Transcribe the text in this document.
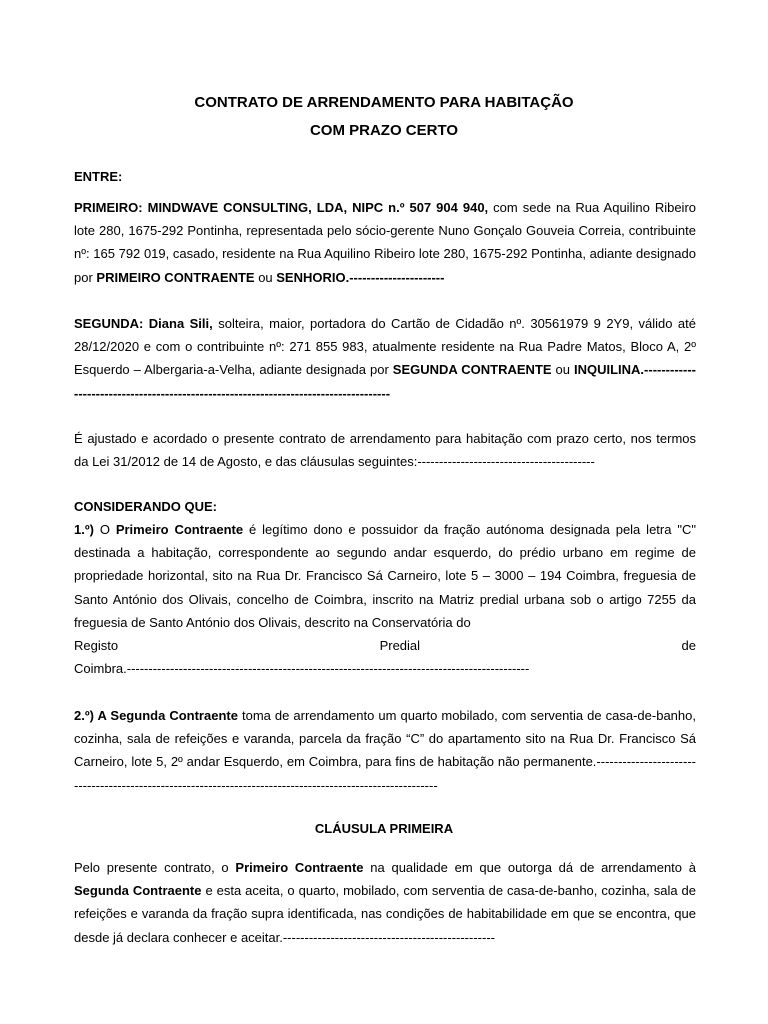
CONTRATO DE ARRENDAMENTO PARA HABITAÇÃO
COM PRAZO CERTO
ENTRE:

PRIMEIRO: MINDWAVE CONSULTING, LDA, NIPC n.º 507 904 940, com sede na Rua Aquilino Ribeiro lote 280, 1675-292 Pontinha, representada pelo sócio-gerente Nuno Gonçalo Gouveia Correia, contribuinte nº: 165 792 019, casado, residente na Rua Aquilino Ribeiro lote 280, 1675-292 Pontinha, adiante designado por PRIMEIRO CONTRAENTE ou SENHORIO.----------------------

SEGUNDA: Diana Sili, solteira, maior, portadora do Cartão de Cidadão nº. 30561979 9 2Y9, válido até 28/12/2020 e com o contribuinte nº: 271 855 983, atualmente residente na Rua Padre Matos, Bloco A, 2º Esquerdo – Albergaria-a-Velha, adiante designada por SEGUNDA CONTRAENTE ou INQUILINA.-------------------------------------------------------------------------------------

É ajustado e acordado o presente contrato de arrendamento para habitação com prazo certo, nos termos da Lei 31/2012 de 14 de Agosto, e das cláusulas seguintes:-----------------------------------------

CONSIDERANDO QUE:

1.º) O Primeiro Contraente é legítimo dono e possuidor da fração autónoma designada pela letra "C" destinada a habitação, correspondente ao segundo andar esquerdo, do prédio urbano em regime de propriedade horizontal, sito na Rua Dr. Francisco Sá Carneiro, lote 5 – 3000 – 194 Coimbra, freguesia de Santo António dos Olivais, concelho de Coimbra, inscrito na Matriz predial urbana sob o artigo 7255 da freguesia de Santo António dos Olivais, descrito na Conservatória do

Registo	Predial	de

Coimbra.---------------------------------------------------------------------------------------------

2.º) A Segunda Contraente toma de arrendamento um quarto mobilado, com serventia de casa-de-banho, cozinha, sala de refeições e varanda, parcela da fração “C” do apartamento sito na Rua Dr. Francisco Sá Carneiro, lote 5, 2º andar Esquerdo, em Coimbra, para fins de habitação não permanente.-----------------------------------------------------------------------------------------------------------

CLÁUSULA PRIMEIRA

Pelo presente contrato, o Primeiro Contraente na qualidade em que outorga dá de arrendamento à Segunda Contraente e esta aceita, o quarto, mobilado, com serventia de casa-de-banho, cozinha, sala de refeições e varanda da fração supra identificada, nas condições de habitabilidade em que se encontra, que desde já declara conhecer e aceitar.-------------------------------------------------
